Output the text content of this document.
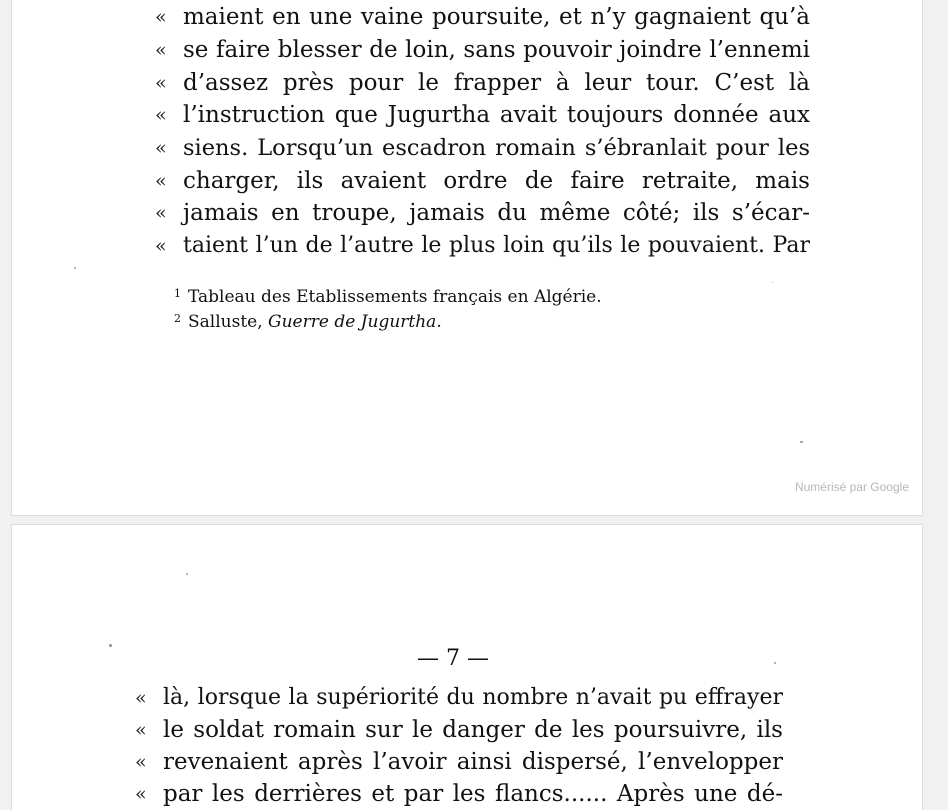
« maient en une vaine poursuite, et n’y gagnaient qu’à
« se faire blesser de loin, sans pouvoir joindre l’ennemi
« d’assez près pour le frapper à leur tour. C’est là
« l’instruction que Jugurtha avait toujours donnée aux
« siens. Lorsqu’un escadron romain s’ébranlait pour les
« charger, ils avaient ordre de faire retraite, mais
« jamais en troupe, jamais du même côté; ils s’écar-
« taient l’un de l’autre le plus loin qu’ils le pouvaient. Par
$^1$ Tableau des Etablissements français en Algérie.
$^2$ Salluste, Guerre de Jugurtha.
Numérisé par Google
— 7 —
« là, lorsque la supériorité du nombre n’avait pu effrayer
« le soldat romain sur le danger de les poursuivre, ils
« revenaient après l’avoir ainsi dispersé, l’envelopper
« par les derrières et par les flancs...... Après une dé-
